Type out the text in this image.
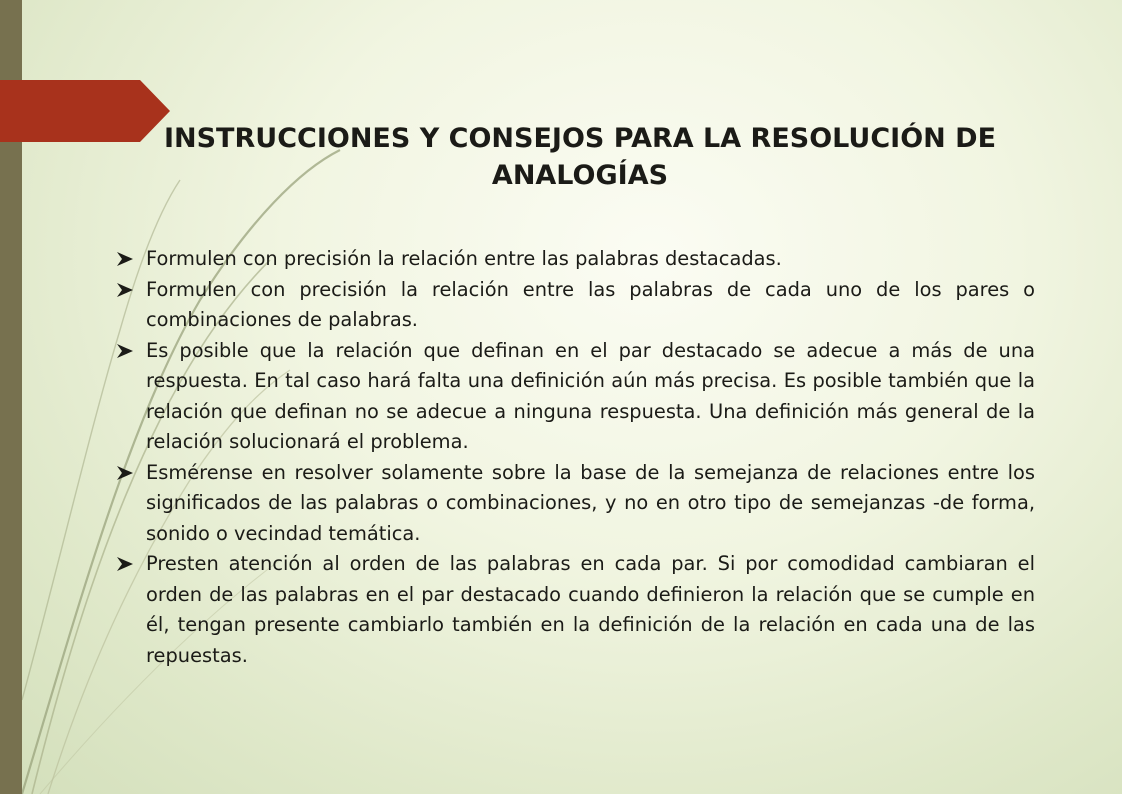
INSTRUCCIONES Y CONSEJOS PARA LA RESOLUCIÓN DE ANALOGÍAS
Formulen con precisión la relación entre las palabras destacadas.
Formulen con precisión la relación entre las palabras de cada uno de los pares o combinaciones de palabras.
Es posible que la relación que definan en el par destacado se adecue a más de una respuesta. En tal caso hará falta una definición aún más precisa. Es posible también que la relación que definan no se adecue a ninguna respuesta. Una definición más general de la relación solucionará el problema.
Esmérense en resolver solamente sobre la base de la semejanza de relaciones entre los significados de las palabras o combinaciones, y no en otro tipo de semejanzas -de forma, sonido o vecindad temática.
Presten atención al orden de las palabras en cada par. Si por comodidad cambiaran el orden de las palabras en el par destacado cuando definieron la relación que se cumple en él, tengan presente cambiarlo también en la definición de la relación en cada una de las repuestas.
